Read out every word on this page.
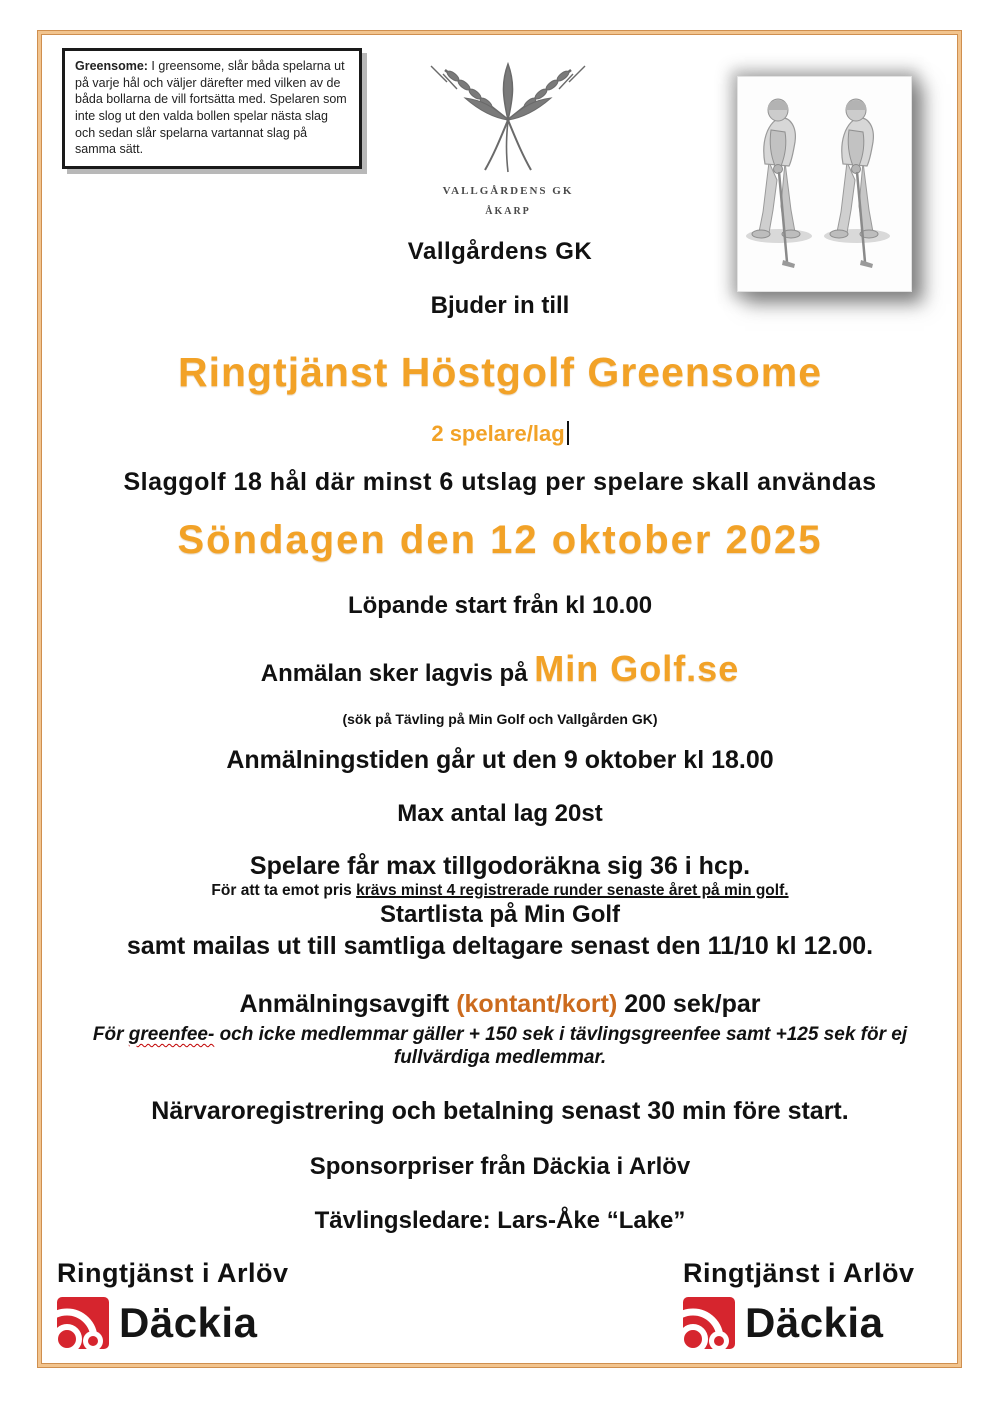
Greensome: I greensome, slår båda spelarna ut på varje hål och väljer därefter med vilken av de båda bollarna de vill fortsätta med. Spelaren som inte slog ut den valda bollen spelar nästa slag och sedan slår spelarna vartannat slag på samma sätt.
VALLGÅRDENS GK
ÅKARP
Vallgårdens GK
Bjuder in till
Ringtjänst Höstgolf Greensome
2 spelare/lag
Slaggolf 18 hål där minst 6 utslag per spelare skall användas
Söndagen den 12 oktober 2025
Löpande start från kl 10.00
Anmälan sker lagvis på Min Golf.se
(sök på Tävling på Min Golf och Vallgården GK)
Anmälningstiden går ut den 9 oktober kl 18.00
Max antal lag 20st
Spelare får max tillgodoräkna sig 36 i hcp.
För att ta emot pris krävs minst 4 registrerade runder senaste året på min golf.
Startlista på Min Golf
samt mailas ut till samtliga deltagare senast den 11/10 kl 12.00.
Anmälningsavgift (kontant/kort) 200 sek/par
För greenfee- och icke medlemmar gäller + 150 sek i tävlingsgreenfee samt +125 sek för ej fullvärdiga medlemmar.
Närvaroregistrering och betalning senast 30 min före start.
Sponsorpriser från Däckia i Arlöv
Tävlingsledare: Lars-Åke “Lake”
Ringtjänst i Arlöv
Däckia
Ringtjänst i Arlöv
Däckia
